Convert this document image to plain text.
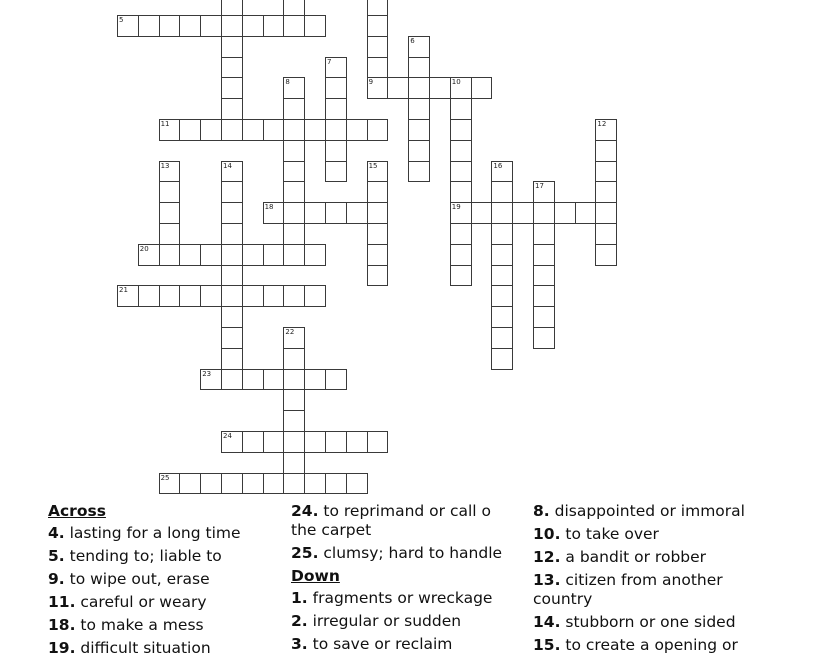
5
6
7
8	9	10
19
11	12
13	14	15	16
17
18
20
21
22
23
24
25
Across
4. lasting for a long time
5. tending to; liable to
9. to wipe out, erase
11. careful or weary
18. to make a mess
19. difficult situation
24. to reprimand or call o the carpet
25. clumsy; hard to handle
Down
1. fragments or wreckage
2. irregular or sudden
3. to save or reclaim
8. disappointed or immoral
10. to take over
12. a bandit or robber
13. citizen from another country
14. stubborn or one sided
15. to create a opening or
